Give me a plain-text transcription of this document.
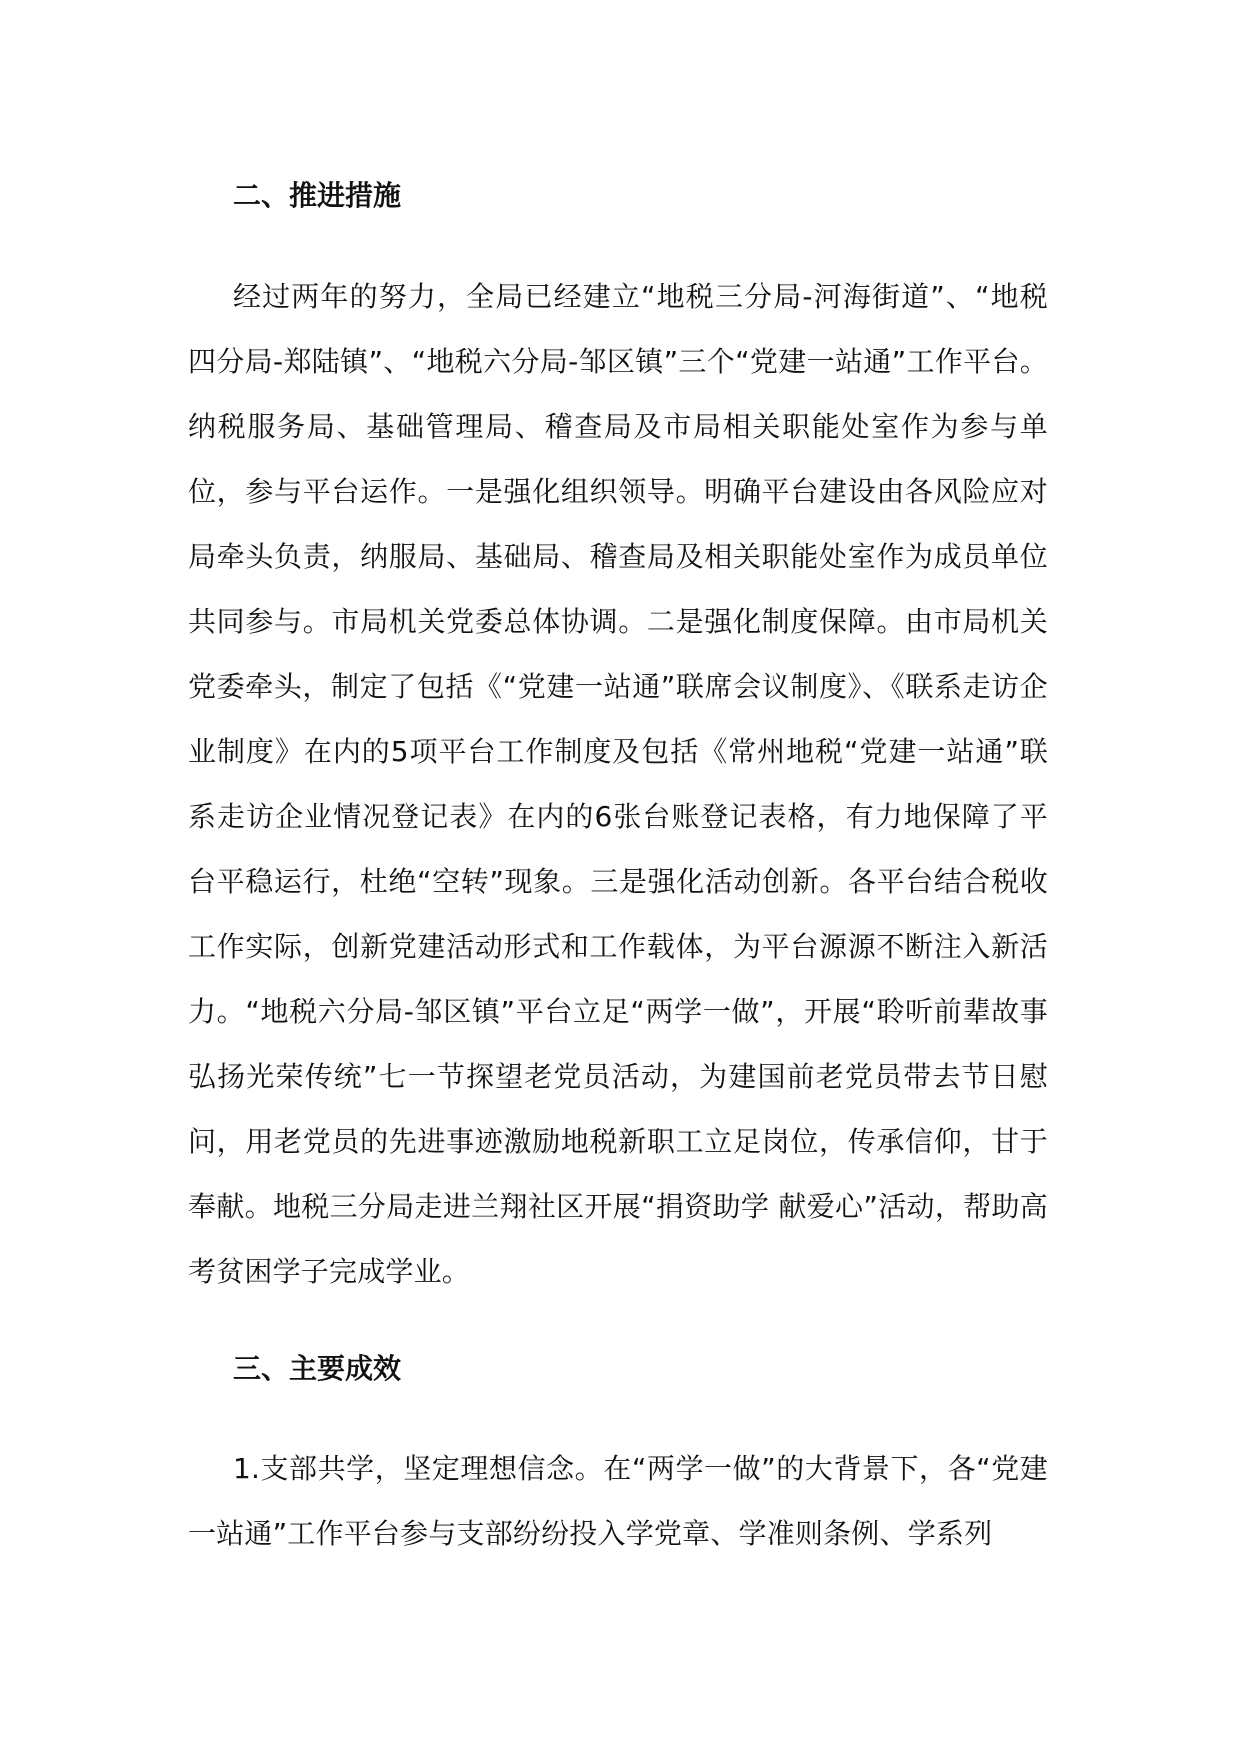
二、推进措施

经过两年的努力，全局已经建立“地税三分局-河海街道”、“地税四分局-郑陆镇”、“地税六分局-邹区镇”三个“党建一站通”工作平台。纳税服务局、基础管理局、稽查局及市局相关职能处室作为参与单位，参与平台运作。一是强化组织领导。明确平台建设由各风险应对局牵头负责，纳服局、基础局、稽查局及相关职能处室作为成员单位共同参与。市局机关党委总体协调。二是强化制度保障。由市局机关党委牵头，制定了包括《“党建一站通”联席会议制度》、《联系走访企业制度》在内的5项平台工作制度及包括《常州地税“党建一站通”联系走访企业情况登记表》在内的6张台账登记表格，有力地保障了平台平稳运行，杜绝“空转”现象。三是强化活动创新。各平台结合税收工作实际，创新党建活动形式和工作载体，为平台源源不断注入新活力。“地税六分局-邹区镇”平台立足“两学一做”，开展“聆听前辈故事 弘扬光荣传统”七一节探望老党员活动，为建国前老党员带去节日慰问，用老党员的先进事迹激励地税新职工立足岗位，传承信仰，甘于奉献。地税三分局走进兰翔社区开展“捐资助学 献爱心”活动，帮助高考贫困学子完成学业。

三、主要成效

1.支部共学，坚定理想信念。在“两学一做”的大背景下，各“党建一站通”工作平台参与支部纷纷投入学党章、学准则条例、学系列
